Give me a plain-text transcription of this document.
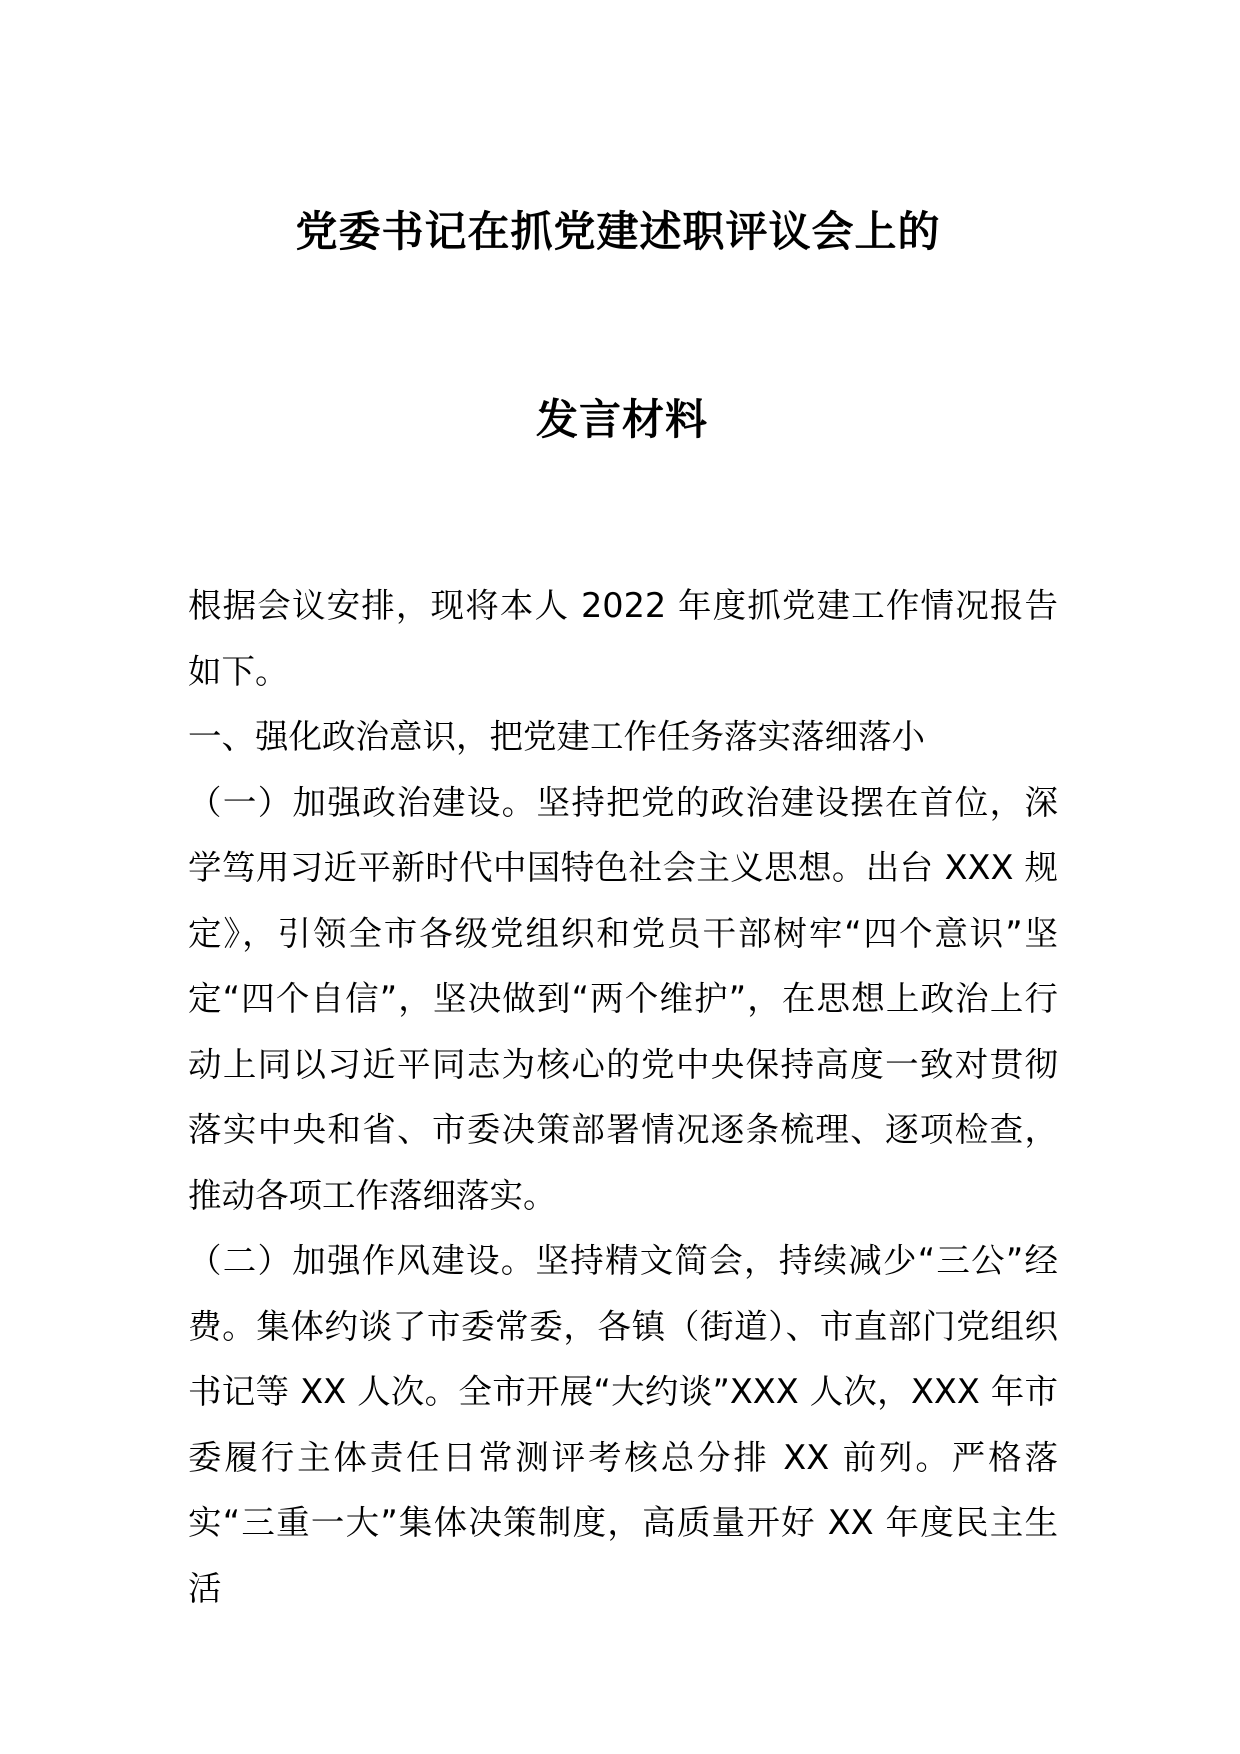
党委书记在抓党建述职评议会上的
发言材料

根据会议安排，现将本人 2022 年度抓党建工作情况报告如下。

一、强化政治意识，把党建工作任务落实落细落小

（一）加强政治建设。坚持把党的政治建设摆在首位，深学笃用习近平新时代中国特色社会主义思想。出台 XXX 规定》，引领全市各级党组织和党员干部树牢“四个意识”坚定“四个自信”，坚决做到“两个维护”，在思想上政治上行动上同以习近平同志为核心的党中央保持高度一致对贯彻落实中央和省、市委决策部署情况逐条梳理、逐项检查，推动各项工作落细落实。

（二）加强作风建设。坚持精文简会，持续减少“三公”经费。集体约谈了市委常委，各镇（街道）、市直部门党组织书记等 XX 人次。全市开展“大约谈”XXX 人次，XXX 年市委履行主体责任日常测评考核总分排 XX 前列。严格落实“三重一大”集体决策制度，高质量开好 XX 年度民主生活
